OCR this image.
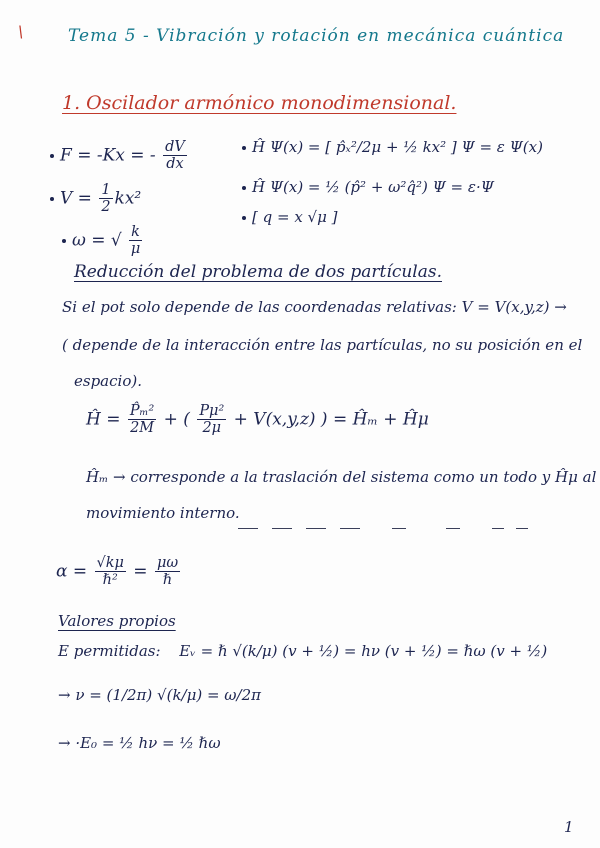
\	Tema 5 - Vibración y rotación en mecánica cuántica
1. Oscilador armónico monodimensional.
F = -Kx = - $\frac{dV}{dx}$
$V = \frac{1}{2} kx^2$
ω = √ $\frac{k}{\mu}$
Ĥ Ψ(x) = [ p̂ₓ²/2μ + ½ kx² ] Ψ = ε Ψ(x)
Ĥ Ψ(x) = ½ (p̂² + ω²q̂²) Ψ = ε·Ψ
[ q = x √μ ]
Reducción del problema de dos partículas.
Si el pot solo depende de las coordenadas relativas: V = V(x,y,z) →
( depende de la interacción entre las partículas, no su posición en el
espacio).
Ĥ = $\frac{\text{P̂ₘ²}}{2M}$ + ( $\frac{\text{Pμ²}}{2\mu} + V(x,y,z)$ ) = Ĥₘ + Ĥμ
Ĥₘ → corresponde a la traslación del sistema como un todo y Ĥμ al
movimiento interno.
$\alpha = \frac{√k\mu}{\text{ℏ²}} = \frac{\mu\omega}{\text{ℏ}}$
Valores propios
E permitidas: Eᵥ = ℏ √(k/μ) (v + ½) = hν (v + ½) = ℏω (v + ½)
→ ν = (1/2π) √(k/μ) = ω/2π
→ ·E₀ = ½ hν = ½ ℏω
1
